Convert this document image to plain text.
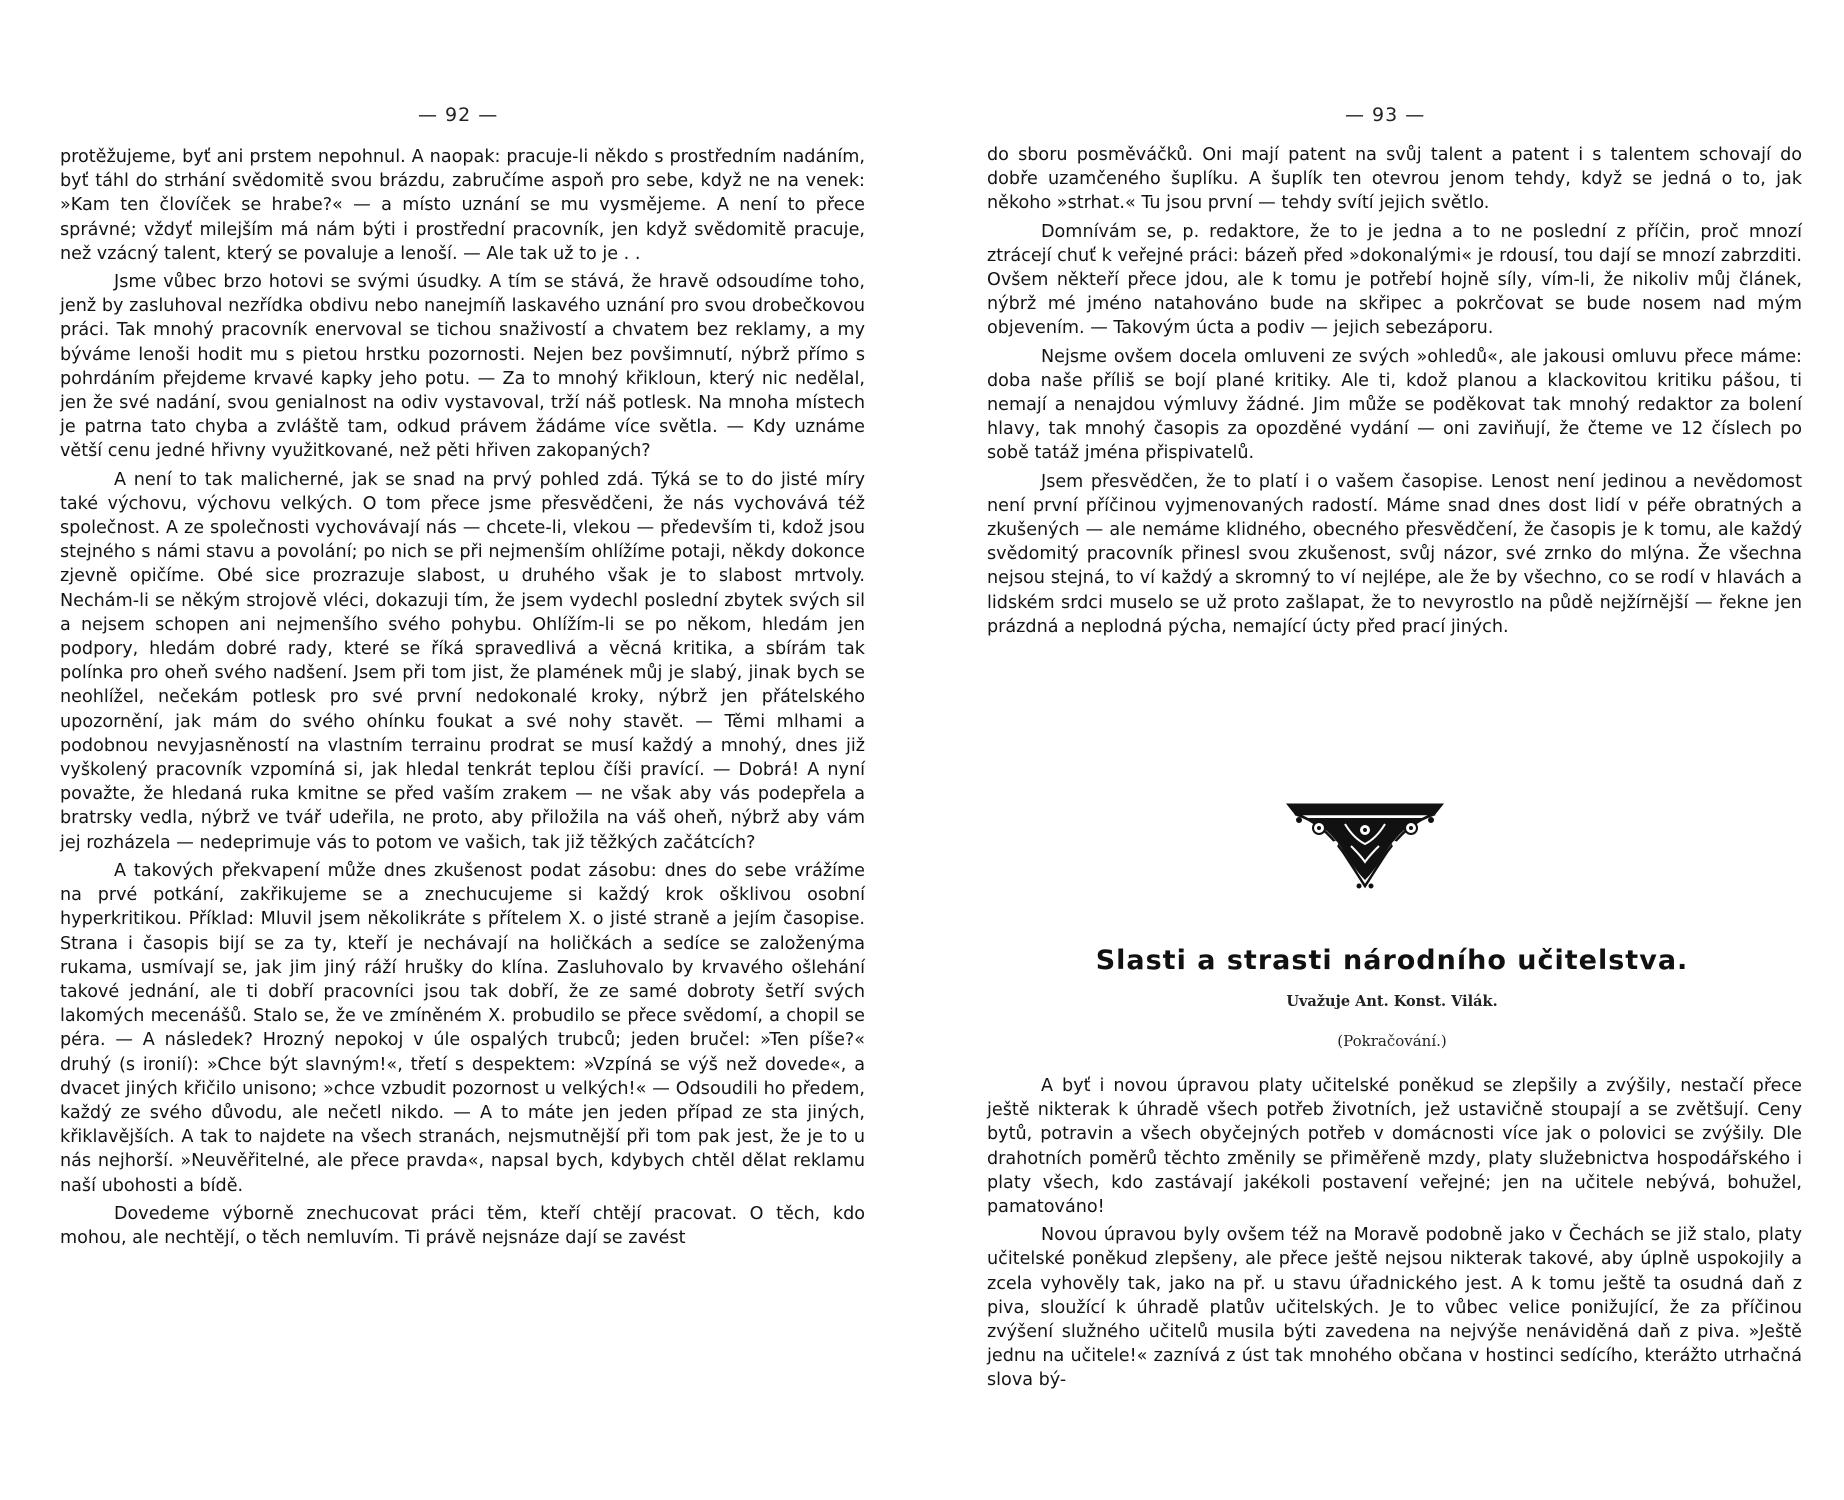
— 92 —

protěžujeme, byť ani prstem nepohnul. A naopak: pracuje-li někdo s prostředním nadáním, byť táhl do strhání svědomitě svou brázdu, zabručíme aspoň pro sebe, když ne na venek: »Kam ten človíček se hrabe?« — a místo uznání se mu vysmějeme. A není to přece správné; vždyť milejším má nám býti i prostřední pracovník, jen když svědomitě pracuje, než vzácný talent, který se povaluje a lenoší. — Ale tak už to je . .

Jsme vůbec brzo hotovi se svými úsudky. A tím se stává, že hravě odsoudíme toho, jenž by zasluhoval nezřídka obdivu nebo nanejmíň laskavého uznání pro svou drobečkovou práci. Tak mnohý pracovník enervoval se tichou snaživostí a chvatem bez reklamy, a my býváme lenoši hodit mu s pietou hrstku pozornosti. Nejen bez povšimnutí, nýbrž přímo s pohrdáním přejdeme krvavé kapky jeho potu. — Za to mnohý křikloun, který nic nedělal, jen že své nadání, svou genialnost na odiv vystavoval, trží náš potlesk. Na mnoha místech je patrna tato chyba a zvláště tam, odkud právem žádáme více světla. — Kdy uznáme větší cenu jedné hřivny využitkované, než pěti hřiven zakopaných?

A není to tak malicherné, jak se snad na prvý pohled zdá. Týká se to do jisté míry také výchovu, výchovu velkých. O tom přece jsme přesvědčeni, že nás vychovává též společnost. A ze společnosti vychovávají nás — chcete-li, vlekou — především ti, kdož jsou stejného s námi stavu a povolání; po nich se při nejmenším ohlížíme potaji, někdy dokonce zjevně opičíme. Obé sice prozrazuje slabost, u druhého však je to slabost mrtvoly. Nechám-li se někým strojově vléci, dokazuji tím, že jsem vydechl poslední zbytek svých sil a nejsem schopen ani nejmenšího svého pohybu. Ohlížím-li se po někom, hledám jen podpory, hledám dobré rady, které se říká spravedlivá a věcná kritika, a sbírám tak polínka pro oheň svého nadšení. Jsem při tom jist, že plamének můj je slabý, jinak bych se neohlížel, nečekám potlesk pro své první nedokonalé kroky, nýbrž jen přátelského upozornění, jak mám do svého ohínku foukat a své nohy stavět. — Těmi mlhami a podobnou nevyjasněností na vlastním terrainu prodrat se musí každý a mnohý, dnes již vyškolený pracovník vzpomíná si, jak hledal tenkrát teplou číši pravící. — Dobrá! A nyní považte, že hledaná ruka kmitne se před vaším zrakem — ne však aby vás podepřela a bratrsky vedla, nýbrž ve tvář udeřila, ne proto, aby přiložila na váš oheň, nýbrž aby vám jej rozházela — nedeprimuje vás to potom ve vašich, tak již těžkých začátcích?

A takových překvapení může dnes zkušenost podat zásobu: dnes do sebe vrážíme na prvé potkání, zakřikujeme se a znechucujeme si každý krok ošklivou osobní hyperkritikou. Příklad: Mluvil jsem několikráte s přítelem X. o jisté straně a jejím časopise. Strana i časopis bijí se za ty, kteří je nechávají na holičkách a sedíce se založenýma rukama, usmívají se, jak jim jiný ráží hrušky do klína. Zasluhovalo by krvavého ošlehání takové jednání, ale ti dobří pracovníci jsou tak dobří, že ze samé dobroty šetří svých lakomých mecenášů. Stalo se, že ve zmíněném X. probudilo se přece svědomí, a chopil se péra. — A následek? Hrozný nepokoj v úle ospalých trubců; jeden bručel: »Ten píše?« druhý (s ironií): »Chce být slavným!«, třetí s despektem: »Vzpíná se výš než dovede«, a dvacet jiných křičilo unisono; »chce vzbudit pozornost u velkých!« — Odsoudili ho předem, každý ze svého důvodu, ale nečetl nikdo. — A to máte jen jeden případ ze sta jiných, křiklavějších. A tak to najdete na všech stranách, nejsmutnější při tom pak jest, že je to u nás nejhorší. »Neuvěřitelné, ale přece pravda«, napsal bych, kdybych chtěl dělat reklamu naší ubohosti a bídě.

Dovedeme výborně znechucovat práci těm, kteří chtějí pracovat. O těch, kdo mohou, ale nechtějí, o těch nemluvím. Ti právě nejsnáze dají se zavést

— 93 —

do sboru posměváčků. Oni mají patent na svůj talent a patent i s talentem schovají do dobře uzamčeného šuplíku. A šuplík ten otevrou jenom tehdy, když se jedná o to, jak někoho »strhat.« Tu jsou první — tehdy svítí jejich světlo.

Domnívám se, p. redaktore, že to je jedna a to ne poslední z příčin, proč mnozí ztrácejí chuť k veřejné práci: bázeň před »dokonalými« je rdousí, tou dají se mnozí zabrzditi. Ovšem někteří přece jdou, ale k tomu je potřebí hojně síly, vím-li, že nikoliv můj článek, nýbrž mé jméno natahováno bude na skřipec a pokrčovat se bude nosem nad mým objevením. — Takovým úcta a podiv — jejich sebezáporu.

Nejsme ovšem docela omluveni ze svých »ohledů«, ale jakousi omluvu přece máme: doba naše příliš se bojí plané kritiky. Ale ti, kdož planou a klackovitou kritiku pášou, ti nemají a nenajdou výmluvy žádné. Jim může se poděkovat tak mnohý redaktor za bolení hlavy, tak mnohý časopis za opozděné vydání — oni zaviňují, že čteme ve 12 číslech po sobě tatáž jména přispivatelů.

Jsem přesvědčen, že to platí i o vašem časopise. Lenost není jedinou a nevědomost není první příčinou vyjmenovaných radostí. Máme snad dnes dost lidí v péře obratných a zkušených — ale nemáme klidného, obecného přesvědčení, že časopis je k tomu, ale každý svědomitý pracovník přinesl svou zkušenost, svůj názor, své zrnko do mlýna. Že všechna nejsou stejná, to ví každý a skromný to ví nejlépe, ale že by všechno, co se rodí v hlavách a lidském srdci muselo se už proto zašlapat, že to nevyrostlo na půdě nejžírnější — řekne jen prázdná a neplodná pýcha, nemající úcty před prací jiných.

Slasti a strasti národního učitelstva.
Uvažuje Ant. Konst. Vilák.
(Pokračování.)

A byť i novou úpravou platy učitelské poněkud se zlepšily a zvýšily, nestačí přece ještě nikterak k úhradě všech potřeb životních, jež ustavičně stoupají a se zvětšují. Ceny bytů, potravin a všech obyčejných potřeb v domácnosti více jak o polovici se zvýšily. Dle drahotních poměrů těchto změnily se přiměřeně mzdy, platy služebnictva hospodářského i platy všech, kdo zastávají jakékoli postavení veřejné; jen na učitele nebývá, bohužel, pamatováno!

Novou úpravou byly ovšem též na Moravě podobně jako v Čechách se již stalo, platy učitelské poněkud zlepšeny, ale přece ještě nejsou nikterak takové, aby úplně uspokojily a zcela vyhověly tak, jako na př. u stavu úřadnického jest. A k tomu ještě ta osudná daň z piva, sloužící k úhradě platův učitelských. Je to vůbec velice ponižující, že za příčinou zvýšení služného učitelů musila býti zavedena na nejvýše nenáviděná daň z piva. »Ještě jednu na učitele!« zaznívá z úst tak mnohého občana v hostinci sedícího, kterážto utrhačná slova bý-
